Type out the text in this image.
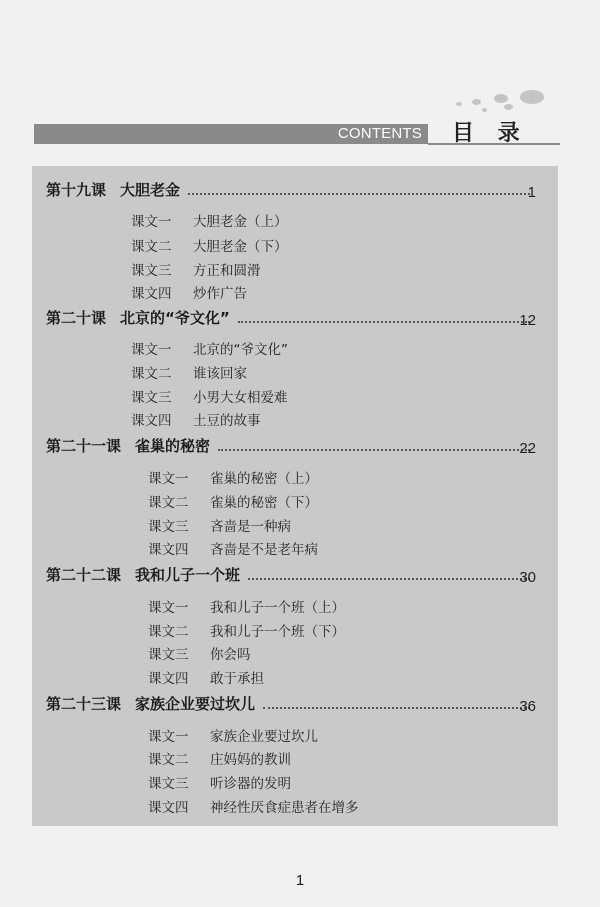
CONTENTS 目 录
第十九课 大胆老金	1
课文一 大胆老金（上）
课文二 大胆老金（下）
课文三 方正和圆滑
课文四 炒作广告
第二十课 北京的“爷文化”	12
课文一 北京的“爷文化”
课文二 谁该回家
课文三 小男大女相爱难
课文四 土豆的故事
第二十一课 雀巢的秘密	22
课文一 雀巢的秘密（上）
课文二 雀巢的秘密（下）
课文三 吝啬是一种病
课文四 吝啬是不是老年病
第二十二课 我和儿子一个班	30
课文一 我和儿子一个班（上）
课文二 我和儿子一个班（下）
课文三 你会吗
课文四 敢于承担
第二十三课 家族企业要过坎儿	36
课文一 家族企业要过坎儿
课文二 庄妈妈的教训
课文三 听诊器的发明
课文四 神经性厌食症患者在增多
1
